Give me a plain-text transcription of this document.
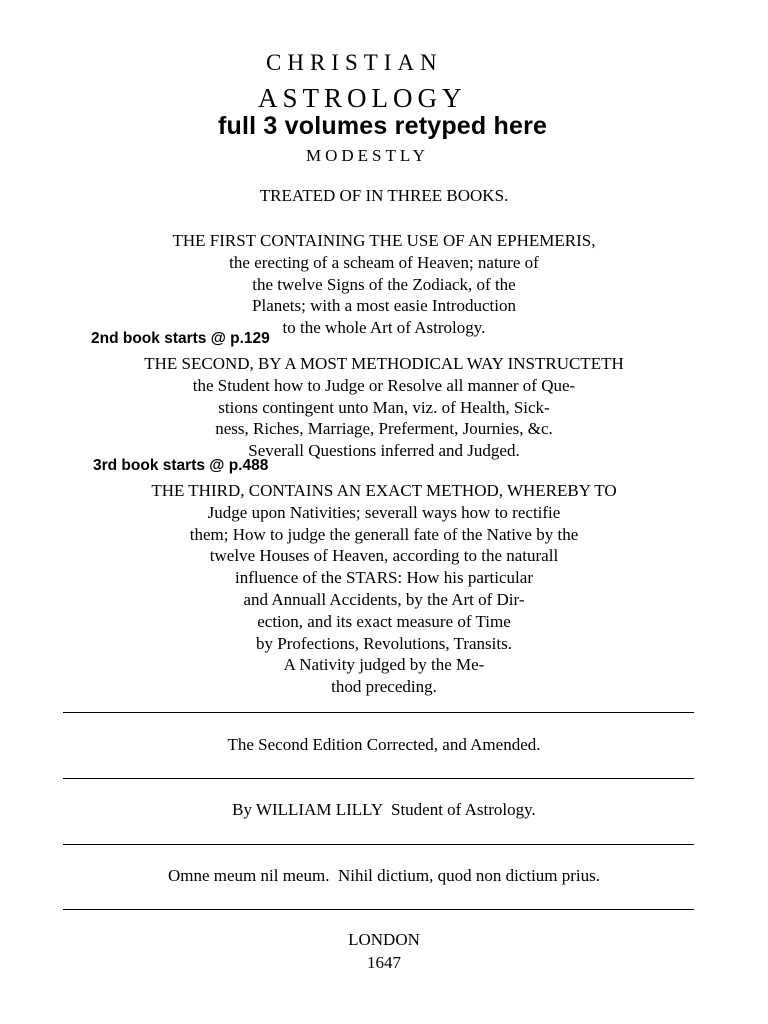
CHRISTIAN
ASTROLOGY
full 3 volumes retyped here
MODESTLY
TREATED OF IN THREE BOOKS.
THE FIRST CONTAINING THE USE OF AN EPHEMERIS,
the erecting of a scheam of Heaven; nature of
the twelve Signs of the Zodiack, of the
Planets; with a most easie Introduction
to the whole Art of Astrology.
2nd book starts @ p.129
THE SECOND, BY A MOST METHODICAL WAY INSTRUCTETH
the Student how to Judge or Resolve all manner of Que-
stions contingent unto Man, viz. of Health, Sick-
ness, Riches, Marriage, Preferment, Journies, &c.
Severall Questions inferred and Judged.
3rd book starts @ p.488
THE THIRD, CONTAINS AN EXACT METHOD, WHEREBY TO
Judge upon Nativities; severall ways how to rectifie
them; How to judge the generall fate of the Native by the
twelve Houses of Heaven, according to the naturall
influence of the STARS: How his particular
and Annuall Accidents, by the Art of Dir-
ection, and its exact measure of Time
by Profections, Revolutions, Transits.
A Nativity judged by the Me-
thod preceding.
The Second Edition Corrected, and Amended.
By WILLIAM LILLY  Student of Astrology.
Omne meum nil meum.  Nihil dictium, quod non dictium prius.
LONDON
1647
